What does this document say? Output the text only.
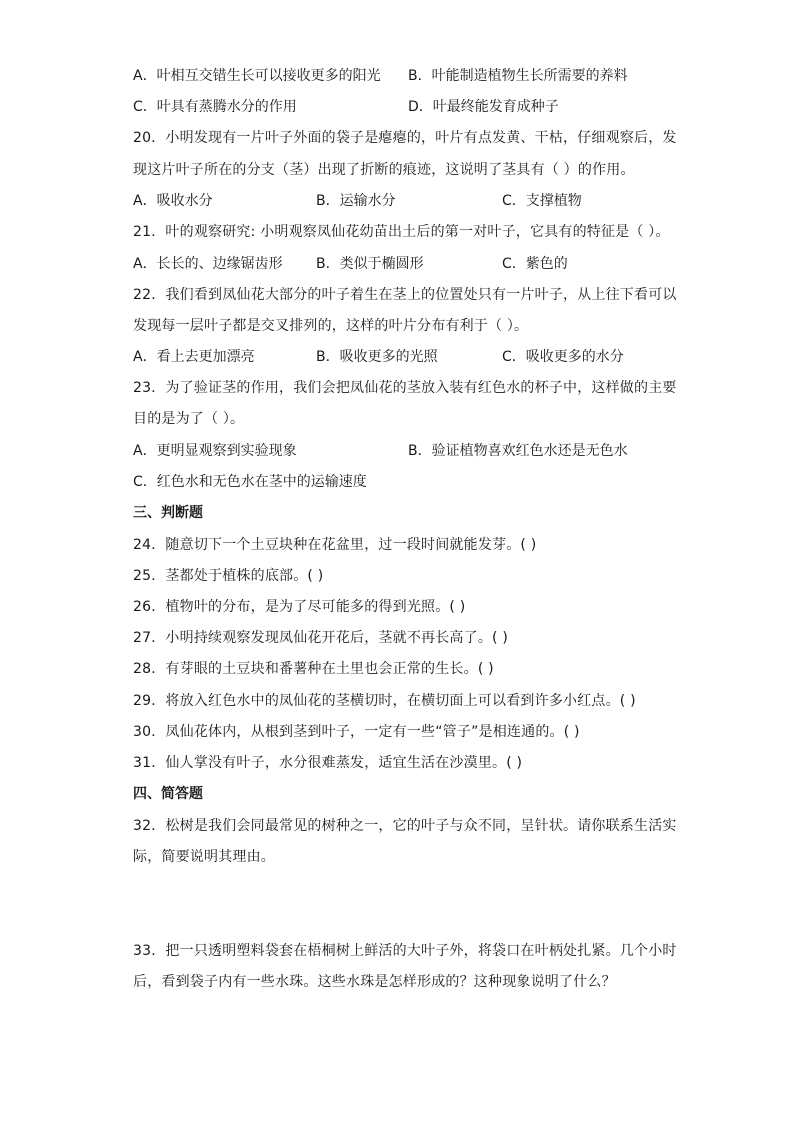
A．叶相互交错生长可以接收更多的阳光 B．叶能制造植物生长所需要的养料
C．叶具有蒸腾水分的作用	D．叶最终能发育成种子
20．小明发现有一片叶子外面的袋子是瘪瘪的，叶片有点发黄、干枯，仔细观察后，发
现这片叶子所在的分支（茎）出现了折断的痕迹，这说明了茎具有（ ）的作用。
A．吸收水分	B．运输水分	C．支撑植物
21．叶的观察研究: 小明观察凤仙花幼苗出土后的第一对叶子，它具有的特征是（ ）。
A．长长的、边缘锯齿形 B．类似于椭圆形	C．紫色的
22．我们看到凤仙花大部分的叶子着生在茎上的位置处只有一片叶子，从上往下看可以
发现每一层叶子都是交叉排列的，这样的叶片分布有利于（ ）。
A．看上去更加漂亮	B．吸收更多的光照	C．吸收更多的水分
23．为了验证茎的作用，我们会把凤仙花的茎放入装有红色水的杯子中，这样做的主要
目的是为了（ ）。
A．更明显观察到实验现象	B．验证植物喜欢红色水还是无色水
C．红色水和无色水在茎中的运输速度
三、判断题
24．随意切下一个土豆块种在花盆里，过一段时间就能发芽。( )
25．茎都处于植株的底部。( )
26．植物叶的分布，是为了尽可能多的得到光照。( )
27．小明持续观察发现凤仙花开花后，茎就不再长高了。( )
28．有芽眼的土豆块和番薯种在土里也会正常的生长。( )
29．将放入红色水中的凤仙花的茎横切时，在横切面上可以看到许多小红点。( )
30．凤仙花体内，从根到茎到叶子，一定有一些“管子”是相连通的。( )
31．仙人掌没有叶子，水分很难蒸发，适宜生活在沙漠里。( )
四、简答题
32．松树是我们会同最常见的树种之一，它的叶子与众不同，呈针状。请你联系生活实
际，简要说明其理由。
33．把一只透明塑料袋套在梧桐树上鲜活的大叶子外，将袋口在叶柄处扎紧。几个小时
后，看到袋子内有一些水珠。这些水珠是怎样形成的？这种现象说明了什么？
